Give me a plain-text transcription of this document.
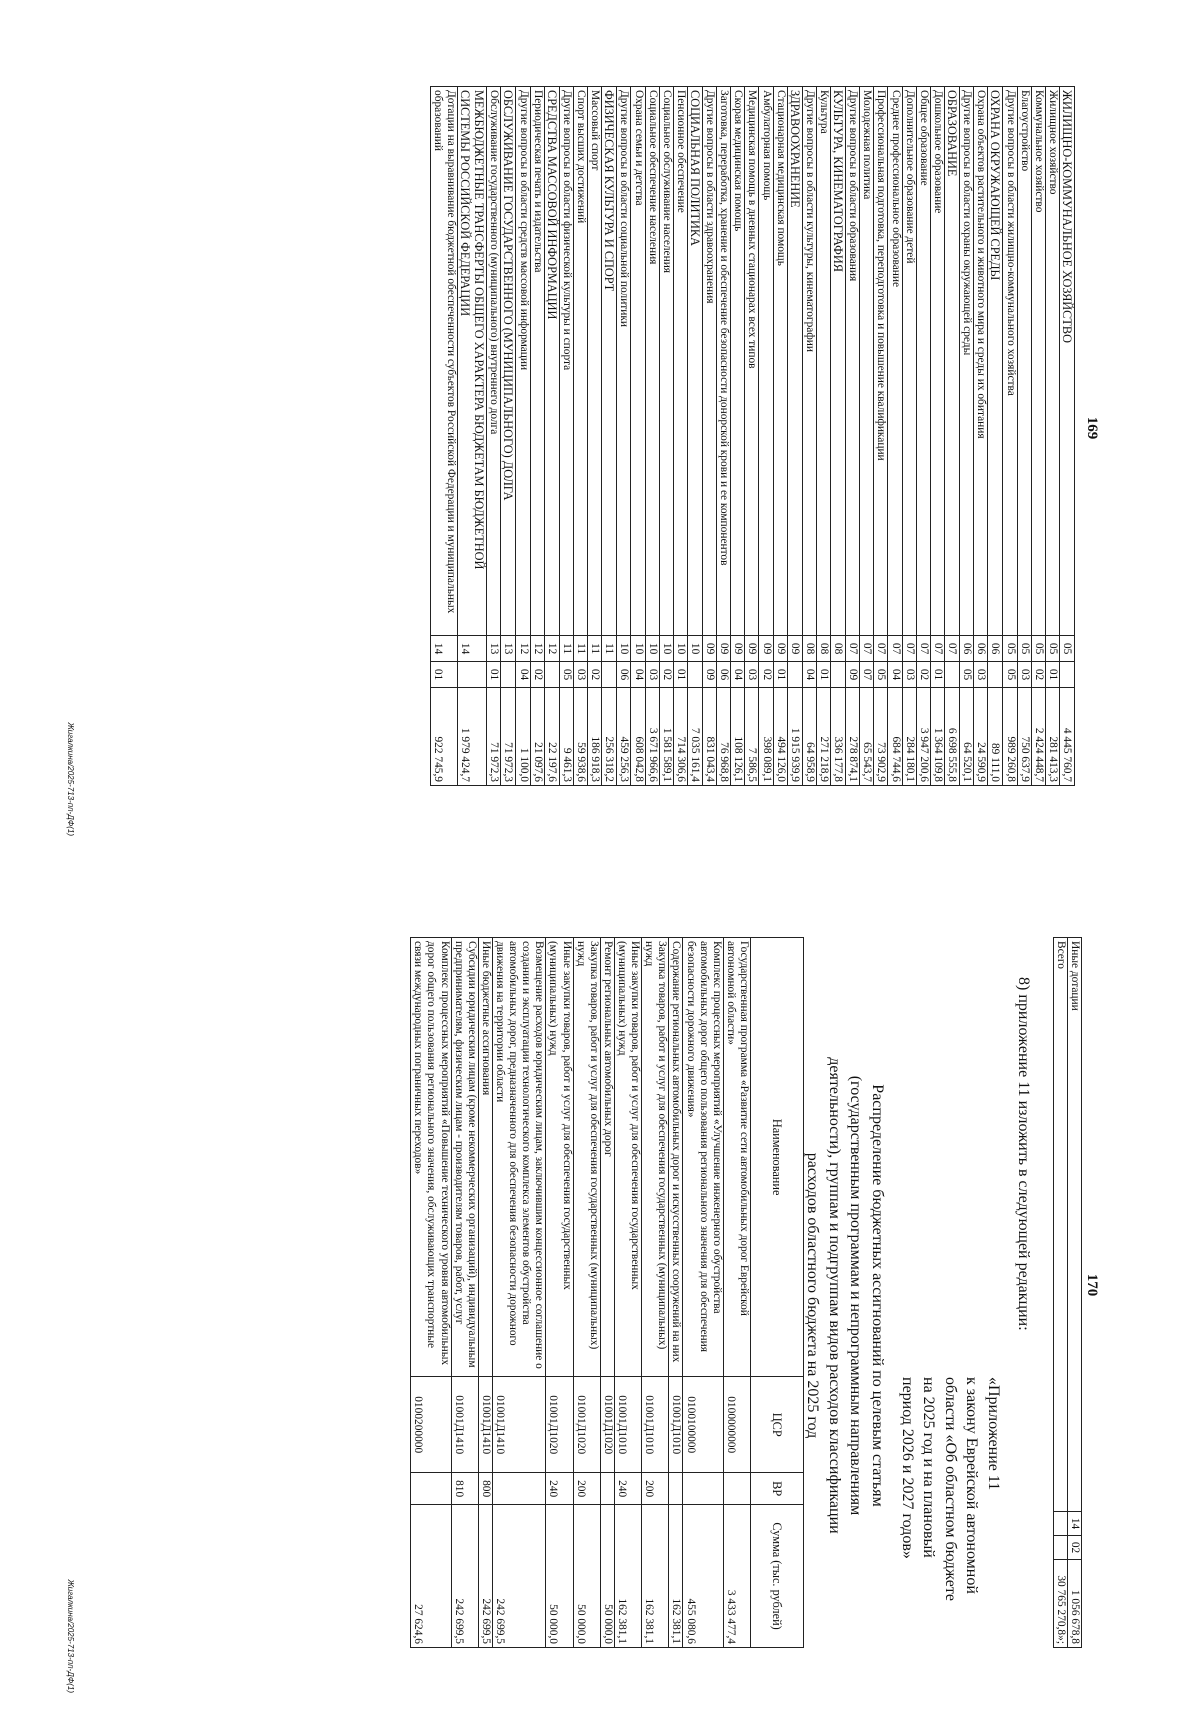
169
ЖИЛИЩНО-КОММУНАЛЬНОЕ ХОЗЯЙСТВО	05		4 445 760,7
Жилищное хозяйство	05	01	281 413,3
Коммунальное хозяйство	05	02	2 424 448,7
Благоустройство	05	03	750 637,9
Другие вопросы в области жилищно-коммунального хозяйства	05	05	989 260,8
ОХРАНА ОКРУЖАЮЩЕЙ СРЕДЫ	06		89 111,0
Охрана объектов растительного и животного мира и среды их обитания	06	03	24 590,9
Другие вопросы в области охраны окружающей среды	06	05	64 520,1
ОБРАЗОВАНИЕ	07		6 698 555,8
Дошкольное образование	07	01	1 364 109,8
Общее образование	07	02	3 947 200,6
Дополнительное образование детей	07	03	284 180,1
Среднее профессиональное образование	07	04	684 744,6
Профессиональная подготовка, переподготовка и повышение квалификации	07	05	73 902,9
Молодежная политика	07	07	65 543,7
Другие вопросы в области образования	07	09	278 874,1
КУЛЬТУРА, КИНЕМАТОГРАФИЯ	08		336 177,8
Культура	08	01	271 218,9
Другие вопросы в области культуры, кинематографии	08	04	64 958,9
ЗДРАВООХРАНЕНИЕ	09		1 915 939,9
Стационарная медицинская помощь	09	01	494 126,0
Амбулаторная помощь	09	02	398 089,1
Медицинская помощь в дневных стационарах всех типов	09	03	7 586,5
Скорая медицинская помощь	09	04	108 126,1
Заготовка, переработка, хранение и обеспечение безопасности донорской крови и ее компонентов	09	06	76 968,8
Другие вопросы в области здравоохранения	09	09	831 043,4
СОЦИАЛЬНАЯ ПОЛИТИКА	10		7 035 161,4
Пенсионное обеспечение	10	01	714 306,6
Социальное обслуживание населения	10	02	1 581 589,1
Социальное обеспечение населения	10	03	3 671 966,6
Охрана семьи и детства	10	04	608 042,8
Другие вопросы в области социальной политики	10	06	459 256,3
ФИЗИЧЕСКАЯ КУЛЬТУРА И СПОРТ	11		256 318,2
Массовый спорт	11	02	186 918,3
Спорт высших достижений	11	03	59 938,6
Другие вопросы в области физической культуры и спорта	11	05	9 461,3
СРЕДСТВА МАССОВОЙ ИНФОРМАЦИИ	12		22 197,6
Периодическая печать и издательства	12	02	21 097,6
Другие вопросы в области средств массовой информации	12	04	1 100,0
ОБСЛУЖИВАНИЕ ГОСУДАРСТВЕННОГО (МУНИЦИПАЛЬНОГО) ДОЛГА	13		71 972,3
Обслуживание государственного (муниципального) внутреннего долга	13	01	71 972,3
МЕЖБЮДЖЕТНЫЕ ТРАНСФЕРТЫ ОБЩЕГО ХАРАКТЕРА БЮДЖЕТАМ БЮДЖЕТНОЙ СИСТЕМЫ РОССИЙСКОЙ ФЕДЕРАЦИИ	14		1 979 424,7
Дотации на выравнивание бюджетной обеспеченности субъектов Российской Федерации и муниципальных образований	14	01	922 745,9
Жигалкина/2025-713-пп-ДФ(1)
170
Иные дотации	14	02	1 056 678,8
Всего			30 765 270,8»;
8) приложение 11 изложить в следующей редакции:
«Приложение 11
к закону Еврейской автономной
области «Об областном бюджете
на 2025 год и на плановый
период 2026 и 2027 годов»
Распределение бюджетных ассигнований по целевым статьям
(государственным программам и непрограммным направлениям
деятельности), группам и подгруппам видов расходов классификации
расходов областного бюджета на 2025 год
Наименование	ЦСР	ВР	Сумма (тыс. рублей)
Государственная программа «Развитие сети автомобильных дорог Еврейской автономной области»	0100000000		3 433 477,4
Комплекс процессных мероприятий «Улучшение инженерного обустройства автомобильных дорог общего пользования регионального значения для обеспечения безопасности дорожного движения»	0100100000		455 080,6
Содержание региональных автомобильных дорог и искусственных сооружений на них	01001Д1010		162 381,1
Закупка товаров, работ и услуг для обеспечения государственных (муниципальных) нужд	01001Д1010	200	162 381,1
Иные закупки товаров, работ и услуг для обеспечения государственных (муниципальных) нужд	01001Д1010	240	162 381,1
Ремонт региональных автомобильных дорог	01001Д1020		50 000,0
Закупка товаров, работ и услуг для обеспечения государственных (муниципальных) нужд	01001Д1020	200	50 000,0
Иные закупки товаров, работ и услуг для обеспечения государственных (муниципальных) нужд	01001Д1020	240	50 000,0
Возмещение расходов юридическим лицам, заключившим концессионное соглашение о создании и эксплуатации технологического комплекса элементов обустройства автомобильных дорог, предназначенного для обеспечения безопасности дорожного движения на территории области	01001Д1410		242 699,5
Иные бюджетные ассигнования	01001Д1410	800	242 699,5
Субсидии юридическим лицам (кроме некоммерческих организаций), индивидуальным предпринимателям, физическим лицам - производителям товаров, работ, услуг	01001Д1410	810	242 699,5
Комплекс процессных мероприятий «Повышение технического уровня автомобильных дорог общего пользования регионального значения, обслуживающих транспортные связи международных пограничных переходов»	0100200000		27 624,6
Жигалкина/2025-713-пп-ДФ(1)
